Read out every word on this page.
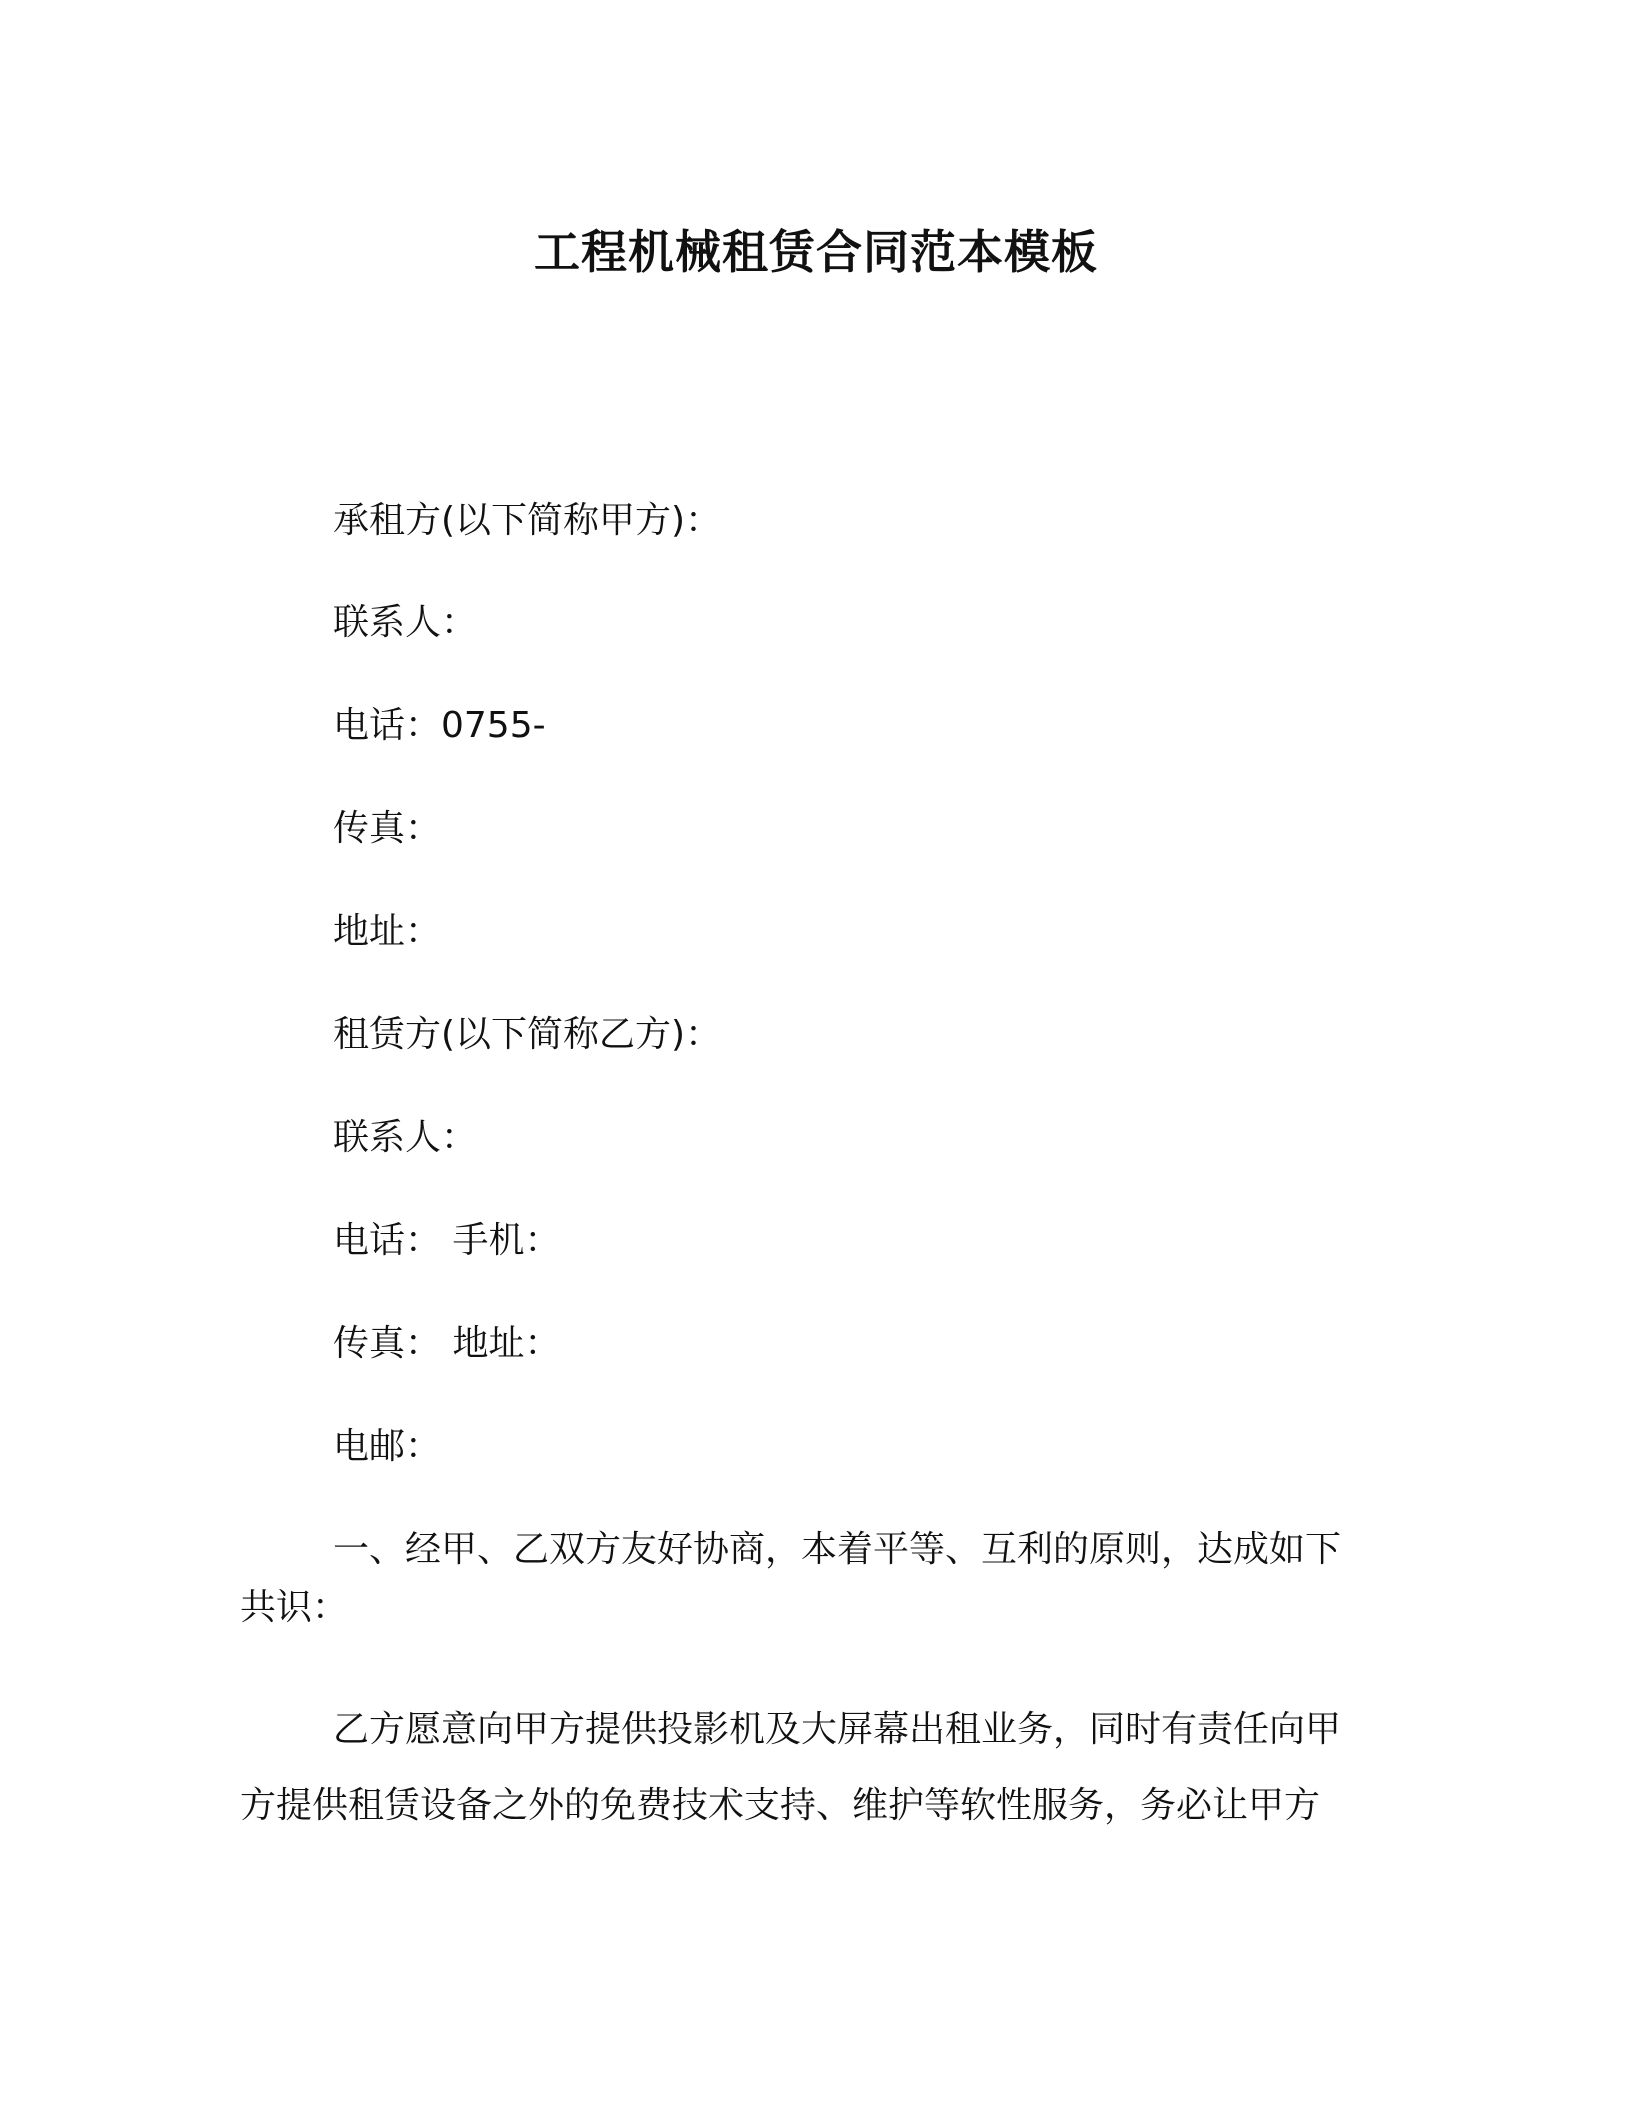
工程机械租赁合同范本模板
承租方(以下简称甲方)：
联系人：
电话：0755-
传真：
地址：
租赁方(以下简称乙方)：
联系人：
电话： 手机：
传真： 地址：
电邮：
一、经甲、乙双方友好协商，本着平等、互利的原则，达成如下
共识：
乙方愿意向甲方提供投影机及大屏幕出租业务，同时有责任向甲
方提供租赁设备之外的免费技术支持、维护等软性服务，务必让甲方
